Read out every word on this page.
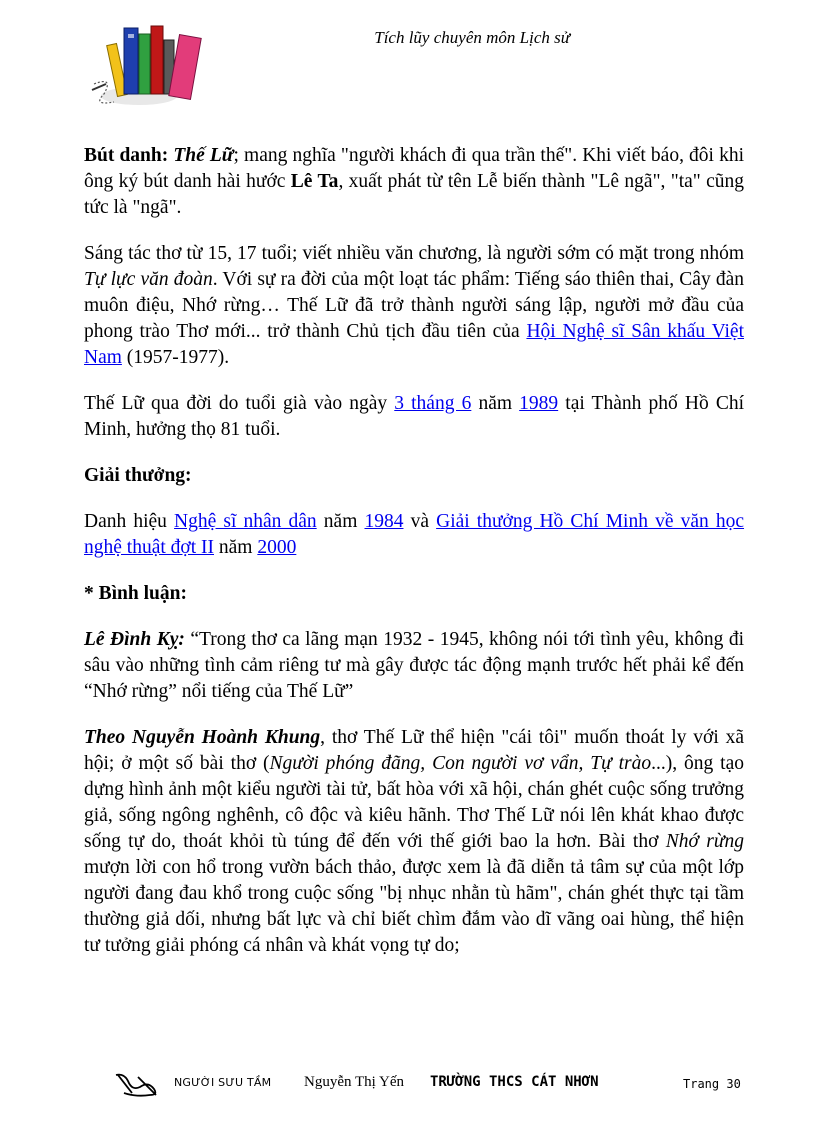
Tích lũy chuyên môn Lịch sử

Bút danh: Thế Lữ; mang nghĩa "người khách đi qua trần thế". Khi viết báo, đôi khi ông ký bút danh hài hước Lê Ta, xuất phát từ tên Lễ biến thành "Lê ngã", "ta" cũng tức là "ngã".

Sáng tác thơ từ 15, 17 tuổi; viết nhiều văn chương, là người sớm có mặt trong nhóm Tự lực văn đoàn. Với sự ra đời của một loạt tác phẩm: Tiếng sáo thiên thai, Cây đàn muôn điệu, Nhớ rừng… Thế Lữ đã trở thành người sáng lập, người mở đầu của phong trào Thơ mới... trở thành Chủ tịch đầu tiên của Hội Nghệ sĩ Sân khấu Việt Nam (1957-1977).

Thế Lữ qua đời do tuổi già vào ngày 3 tháng 6 năm 1989 tại Thành phố Hồ Chí Minh, hưởng thọ 81 tuổi.

Giải thưởng:

Danh hiệu Nghệ sĩ nhân dân năm 1984 và Giải thưởng Hồ Chí Minh về văn học nghệ thuật đợt II năm 2000

* Bình luận:

Lê Đình Kỵ: “Trong thơ ca lãng mạn 1932 - 1945, không nói tới tình yêu, không đi sâu vào những tình cảm riêng tư mà gây được tác động mạnh trước hết phải kể đến “Nhớ rừng” nổi tiếng của Thế Lữ”

Theo Nguyễn Hoành Khung, thơ Thế Lữ thể hiện "cái tôi" muốn thoát ly với xã hội; ở một số bài thơ (Người phóng đãng, Con người vơ vẩn, Tự trào...), ông tạo dựng hình ảnh một kiểu người tài tử, bất hòa với xã hội, chán ghét cuộc sống trưởng giả, sống ngông nghênh, cô độc và kiêu hãnh. Thơ Thế Lữ nói lên khát khao được sống tự do, thoát khỏi tù túng để đến với thế giới bao la hơn. Bài thơ Nhớ rừng mượn lời con hổ trong vườn bách thảo, được xem là đã diễn tả tâm sự của một lớp người đang đau khổ trong cuộc sống "bị nhục nhằn tù hãm", chán ghét thực tại tầm thường giả dối, nhưng bất lực và chỉ biết chìm đắm vào dĩ vãng oai hùng, thể hiện tư tưởng giải phóng cá nhân và khát vọng tự do;

NGƯỜI SƯU TẦM Nguyễn Thị Yến TRƯỜNG THCS CÁT NHƠN	Trang 30
